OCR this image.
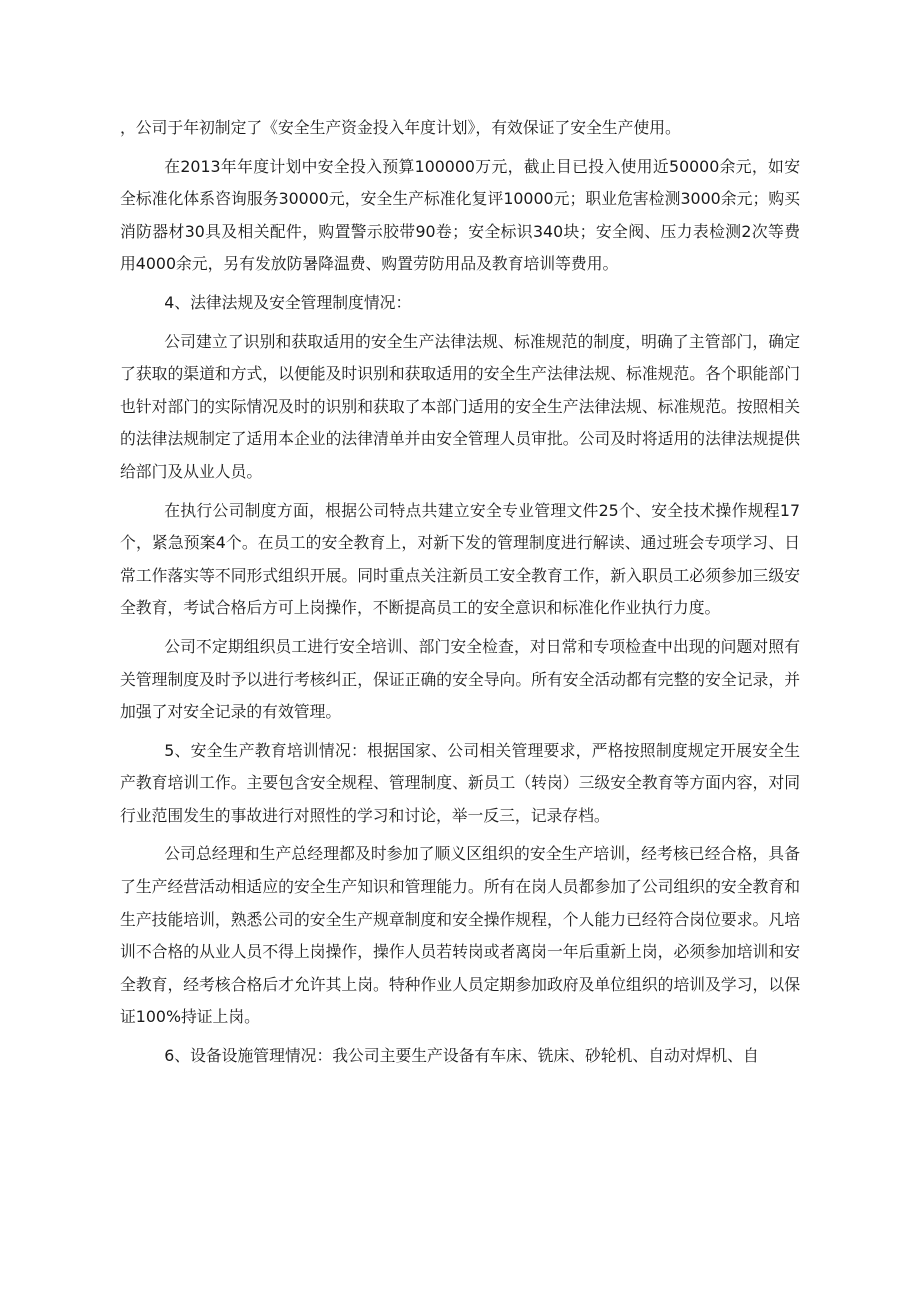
，公司于年初制定了《安全生产资金投入年度计划》，有效保证了安全生产使用。

在2013年年度计划中安全投入预算100000万元，截止目已投入使用近50000余元，如安全标准化体系咨询服务30000元，安全生产标准化复评10000元；职业危害检测3000余元；购买消防器材30具及相关配件，购置警示胶带90卷；安全标识340块；安全阀、压力表检测2次等费用4000余元，另有发放防暑降温费、购置劳防用品及教育培训等费用。

4、法律法规及安全管理制度情况：

公司建立了识别和获取适用的安全生产法律法规、标准规范的制度，明确了主管部门，确定了获取的渠道和方式，以便能及时识别和获取适用的安全生产法律法规、标准规范。各个职能部门也针对部门的实际情况及时的识别和获取了本部门适用的安全生产法律法规、标准规范。按照相关的法律法规制定了适用本企业的法律清单并由安全管理人员审批。公司及时将适用的法律法规提供给部门及从业人员。

在执行公司制度方面，根据公司特点共建立安全专业管理文件25个、安全技术操作规程17个，紧急预案4个。在员工的安全教育上，对新下发的管理制度进行解读、通过班会专项学习、日常工作落实等不同形式组织开展。同时重点关注新员工安全教育工作，新入职员工必须参加三级安全教育，考试合格后方可上岗操作，不断提高员工的安全意识和标准化作业执行力度。

公司不定期组织员工进行安全培训、部门安全检查，对日常和专项检查中出现的问题对照有关管理制度及时予以进行考核纠正，保证正确的安全导向。所有安全活动都有完整的安全记录，并加强了对安全记录的有效管理。

5、安全生产教育培训情况：根据国家、公司相关管理要求，严格按照制度规定开展安全生产教育培训工作。主要包含安全规程、管理制度、新员工（转岗）三级安全教育等方面内容，对同行业范围发生的事故进行对照性的学习和讨论，举一反三，记录存档。

公司总经理和生产总经理都及时参加了顺义区组织的安全生产培训，经考核已经合格，具备了生产经营活动相适应的安全生产知识和管理能力。所有在岗人员都参加了公司组织的安全教育和生产技能培训，熟悉公司的安全生产规章制度和安全操作规程，个人能力已经符合岗位要求。凡培训不合格的从业人员不得上岗操作，操作人员若转岗或者离岗一年后重新上岗，必须参加培训和安全教育，经考核合格后才允许其上岗。特种作业人员定期参加政府及单位组织的培训及学习，以保证100%持证上岗。

6、设备设施管理情况：我公司主要生产设备有车床、铣床、砂轮机、自动对焊机、自
